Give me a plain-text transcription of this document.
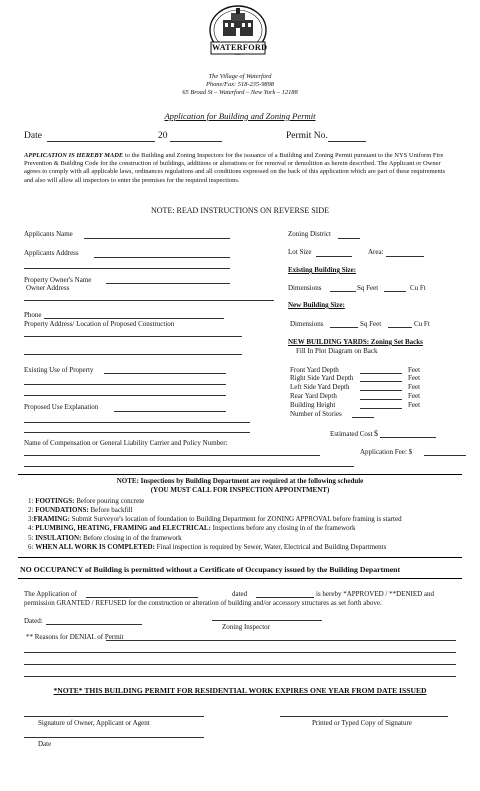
WATERFORD
The Village of Waterford
Phone/Fax: 518-235-9898
65 Broad St – Waterford – New York – 12188
Application for Building and Zoning Permit
Date	20	Permit No.
APPLICATION IS HEREBY MADE to the Building and Zoning Inspectors for the issuance of a Building and Zoning Permit pursuant to the NYS Uniform Fire Prevention & Building Code for the construction of buildings, additions or alterations or for removal or demolition as herein described. The Applicant or Owner agrees to comply with all applicable laws, ordinances regulations and all conditions expressed on the back of this application which are part of these requirements and also will allow all inspectors to enter the premises for the required inspections.
NOTE: READ INSTRUCTIONS ON REVERSE SIDE
Applicants Name
Applicants Address
Property Owner's Name
Owner Address
Phone
Property Address/ Location of Proposed Construction
Existing Use of Property
Proposed Use Explanation
Name of Compensation or General Liability Carrier and Policy Number:
Zoning District
Lot Size	Area:
Existing Building Size:
Dimensions	Sq Feet	Cu Ft
New Building Size:
Dimensions	Sq Feet	Cu Ft
NEW BUILDING YARDS: Zoning Set Backs
Fill In Plot Diagram on Back
Front Yard Depth	Feet
Right Side Yard Depth	Feet
Left Side Yard Depth	Feet
Rear Yard Depth	Feet
Building Height	Feet
Number of Stories
Estimated Cost $
Application Fee: $
NOTE: Inspections by Building Department are required at the following schedule
(YOU MUST CALL FOR INSPECTION APPOINTMENT)
1: FOOTINGS: Before pouring concrete
2: FOUNDATIONS: Before backfill
3:FRAMING: Submit Surveyor's location of foundation to Building Department for ZONING APPROVAL before framing is started
4: PLUMBING, HEATING, FRAMING and ELECTRICAL: Inspections before any closing in of the framework
5: INSULATION: Before closing in of the framework
6: WHEN ALL WORK IS COMPLETED: Final inspection is required by Sewer, Water, Electrical and Building Departments
NO OCCUPANCY of Building is permitted without a Certificate of Occupancy issued by the Building Department
The Application of	dated	is hereby *APPROVED / **DENIED and
permission GRANTED / REFUSED for the construction or alteration of building and/or accessory structures as set forth above.
Dated:
Zoning Inspector
** Reasons for DENIAL of Permit
*NOTE* THIS BUILDING PERMIT FOR RESIDENTIAL WORK EXPIRES ONE YEAR FROM DATE ISSUED
Signature of Owner, Applicant or Agent	Printed or Typed Copy of Signature
Date
